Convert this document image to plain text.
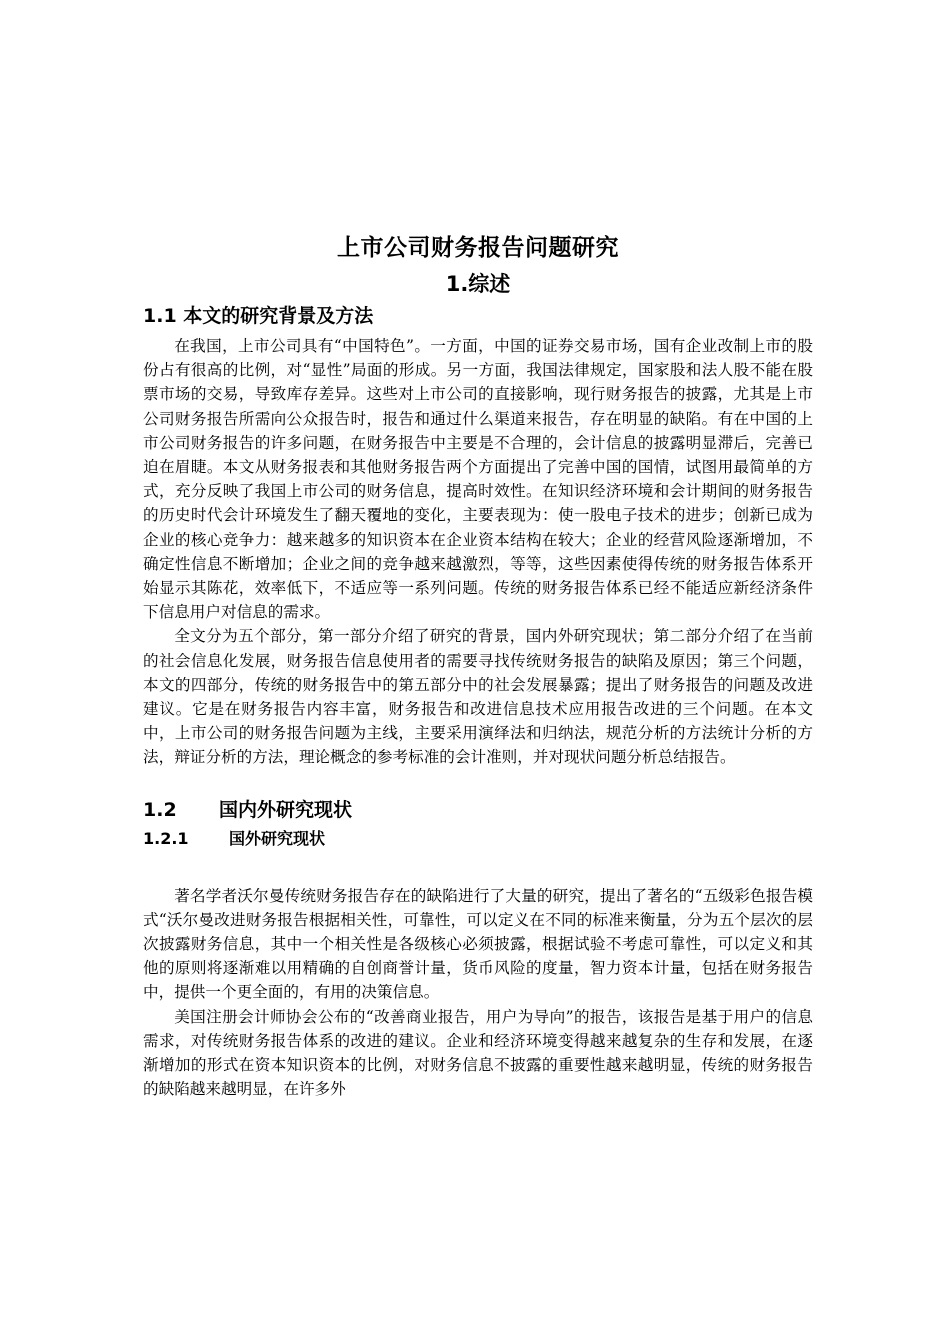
上市公司财务报告问题研究
1.综述
1.1 本文的研究背景及方法

在我国，上市公司具有“中国特色”。一方面，中国的证券交易市场，国有企业改制上市的股份占有很高的比例，对“显性”局面的形成。另一方面，我国法律规定，国家股和法人股不能在股票市场的交易，导致库存差异。这些对上市公司的直接影响，现行财务报告的披露，尤其是上市公司财务报告所需向公众报告时，报告和通过什么渠道来报告，存在明显的缺陷。有在中国的上市公司财务报告的许多问题，在财务报告中主要是不合理的，会计信息的披露明显滞后，完善已迫在眉睫。本文从财务报表和其他财务报告两个方面提出了完善中国的国情，试图用最简单的方式，充分反映了我国上市公司的财务信息，提高时效性。在知识经济环境和会计期间的财务报告的历史时代会计环境发生了翻天覆地的变化，主要表现为：使一股电子技术的进步；创新已成为企业的核心竞争力：越来越多的知识资本在企业资本结构在较大；企业的经营风险逐渐增加，不确定性信息不断增加；企业之间的竞争越来越激烈，等等，这些因素使得传统的财务报告体系开始显示其陈花，效率低下，不适应等一系列问题。传统的财务报告体系已经不能适应新经济条件下信息用户对信息的需求。

全文分为五个部分，第一部分介绍了研究的背景，国内外研究现状；第二部分介绍了在当前的社会信息化发展，财务报告信息使用者的需要寻找传统财务报告的缺陷及原因；第三个问题，本文的四部分，传统的财务报告中的第五部分中的社会发展暴露；提出了财务报告的问题及改进建议。它是在财务报告内容丰富，财务报告和改进信息技术应用报告改进的三个问题。在本文中，上市公司的财务报告问题为主线，主要采用演绎法和归纳法，规范分析的方法统计分析的方法，辩证分析的方法，理论概念的参考标准的会计准则，并对现状问题分析总结报告。

1.2 国内外研究现状
1.2.1	国外研究现状

著名学者沃尔曼传统财务报告存在的缺陷进行了大量的研究，提出了著名的“五级彩色报告模式“沃尔曼改进财务报告根据相关性，可靠性，可以定义在不同的标准来衡量，分为五个层次的层次披露财务信息，其中一个相关性是各级核心必须披露，根据试验不考虑可靠性，可以定义和其他的原则将逐渐难以用精确的自创商誉计量，货币风险的度量，智力资本计量，包括在财务报告中，提供一个更全面的，有用的决策信息。

美国注册会计师协会公布的“改善商业报告，用户为导向”的报告，该报告是基于用户的信息需求，对传统财务报告体系的改进的建议。企业和经济环境变得越来越复杂的生存和发展，在逐渐增加的形式在资本知识资本的比例，对财务信息不披露的重要性越来越明显，传统的财务报告的缺陷越来越明显，在许多外
